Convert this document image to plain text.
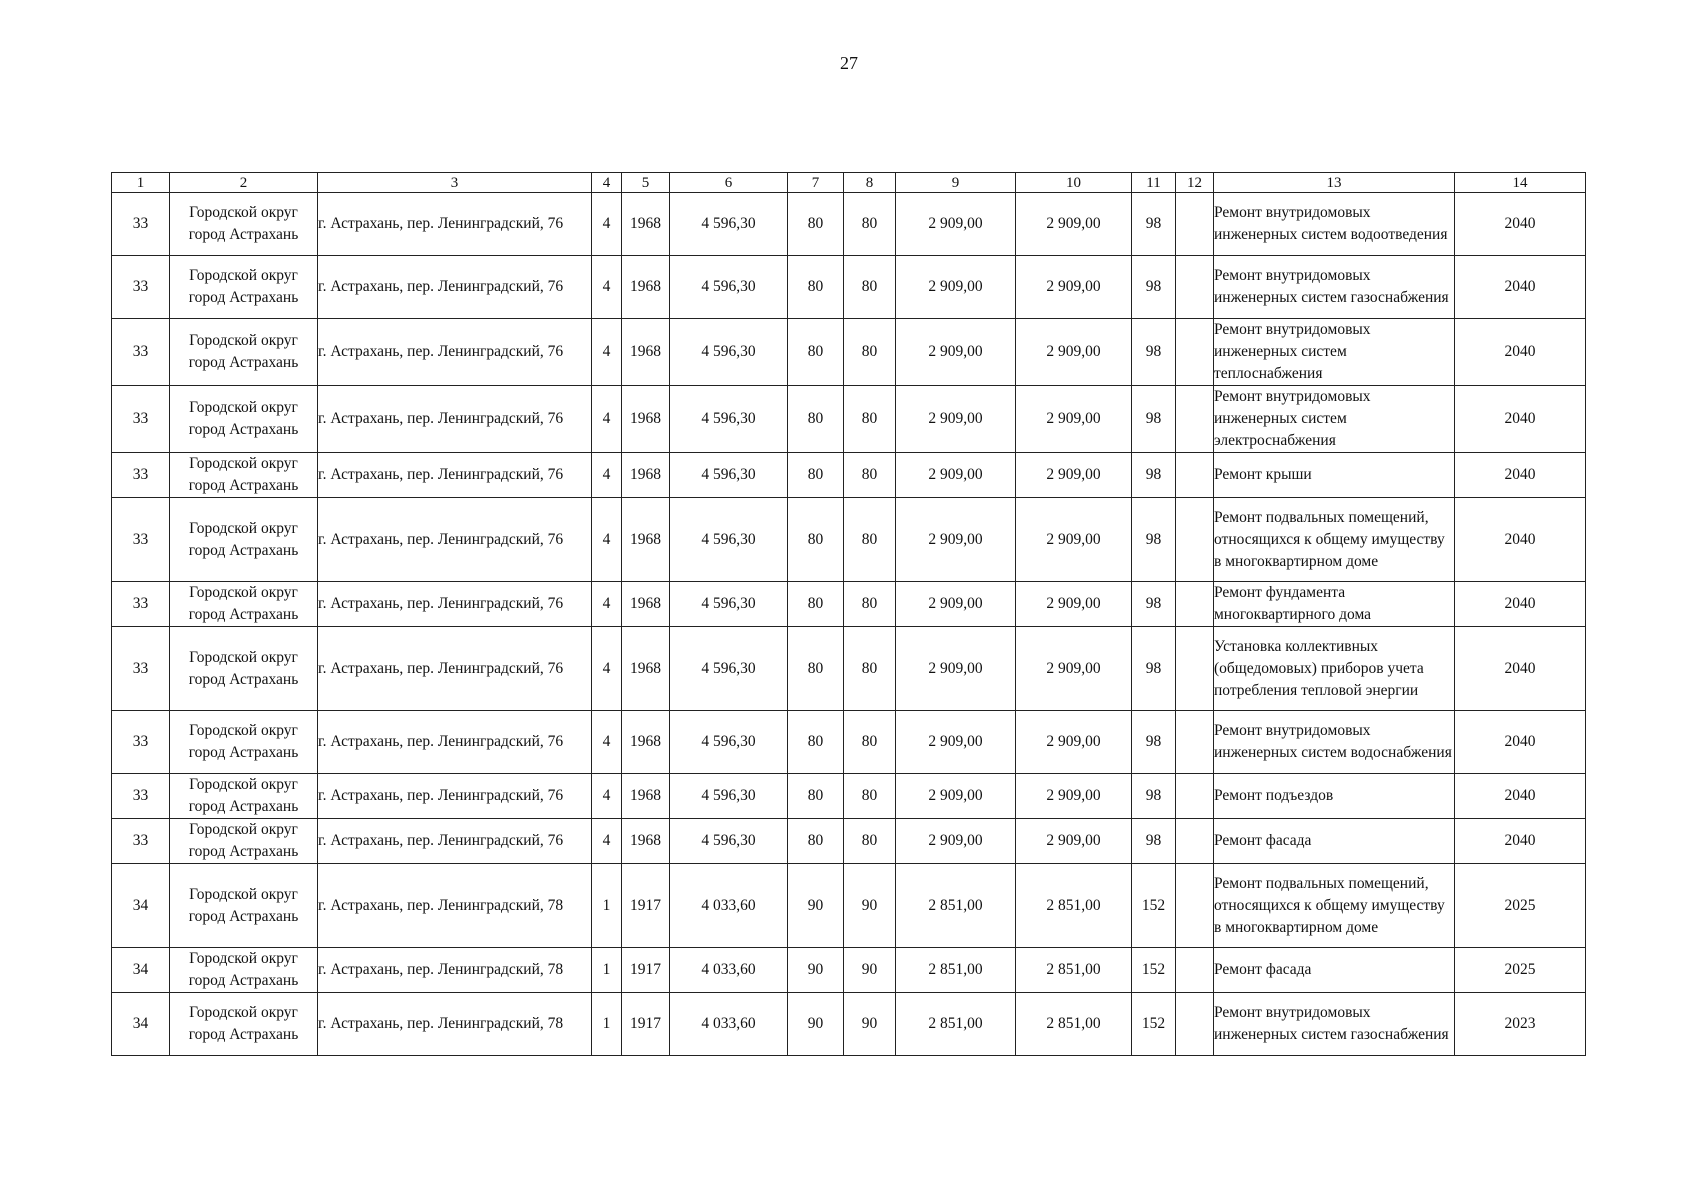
27
1	2	3	4	5	6	7	8	9	10	11	12	13	14
33	Городской округ город Астрахань	г. Астрахань, пер. Ленинградский, 76	4	1968	4 596,30	80	80	2 909,00	2 909,00	98		Ремонт внутридомовых инженерных систем водоотведения	2040
33	Городской округ город Астрахань	г. Астрахань, пер. Ленинградский, 76	4	1968	4 596,30	80	80	2 909,00	2 909,00	98		Ремонт внутридомовых инженерных систем газоснабжения	2040
33	Городской округ город Астрахань	г. Астрахань, пер. Ленинградский, 76	4	1968	4 596,30	80	80	2 909,00	2 909,00	98		Ремонт внутридомовых инженерных систем теплоснабжения	2040
33	Городской округ город Астрахань	г. Астрахань, пер. Ленинградский, 76	4	1968	4 596,30	80	80	2 909,00	2 909,00	98		Ремонт внутридомовых инженерных систем электроснабжения	2040
33	Городской округ город Астрахань	г. Астрахань, пер. Ленинградский, 76	4	1968	4 596,30	80	80	2 909,00	2 909,00	98		Ремонт крыши	2040
33	Городской округ город Астрахань	г. Астрахань, пер. Ленинградский, 76	4	1968	4 596,30	80	80	2 909,00	2 909,00	98		Ремонт подвальных помещений, относящихся к общему имуществу в многоквартирном доме	2040
33	Городской округ город Астрахань	г. Астрахань, пер. Ленинградский, 76	4	1968	4 596,30	80	80	2 909,00	2 909,00	98		Ремонт фундамента многоквартирного дома	2040
33	Городской округ город Астрахань	г. Астрахань, пер. Ленинградский, 76	4	1968	4 596,30	80	80	2 909,00	2 909,00	98		Установка коллективных (общедомовых) приборов учета потребления тепловой энергии	2040
33	Городской округ город Астрахань	г. Астрахань, пер. Ленинградский, 76	4	1968	4 596,30	80	80	2 909,00	2 909,00	98		Ремонт внутридомовых инженерных систем водоснабжения	2040
33	Городской округ город Астрахань	г. Астрахань, пер. Ленинградский, 76	4	1968	4 596,30	80	80	2 909,00	2 909,00	98		Ремонт подъездов	2040
33	Городской округ город Астрахань	г. Астрахань, пер. Ленинградский, 76	4	1968	4 596,30	80	80	2 909,00	2 909,00	98		Ремонт фасада	2040
34	Городской округ город Астрахань	г. Астрахань, пер. Ленинградский, 78	1	1917	4 033,60	90	90	2 851,00	2 851,00	152		Ремонт подвальных помещений, относящихся к общему имуществу в многоквартирном доме	2025
34	Городской округ город Астрахань	г. Астрахань, пер. Ленинградский, 78	1	1917	4 033,60	90	90	2 851,00	2 851,00	152		Ремонт фасада	2025
34	Городской округ город Астрахань	г. Астрахань, пер. Ленинградский, 78	1	1917	4 033,60	90	90	2 851,00	2 851,00	152		Ремонт внутридомовых инженерных систем газоснабжения	2023
